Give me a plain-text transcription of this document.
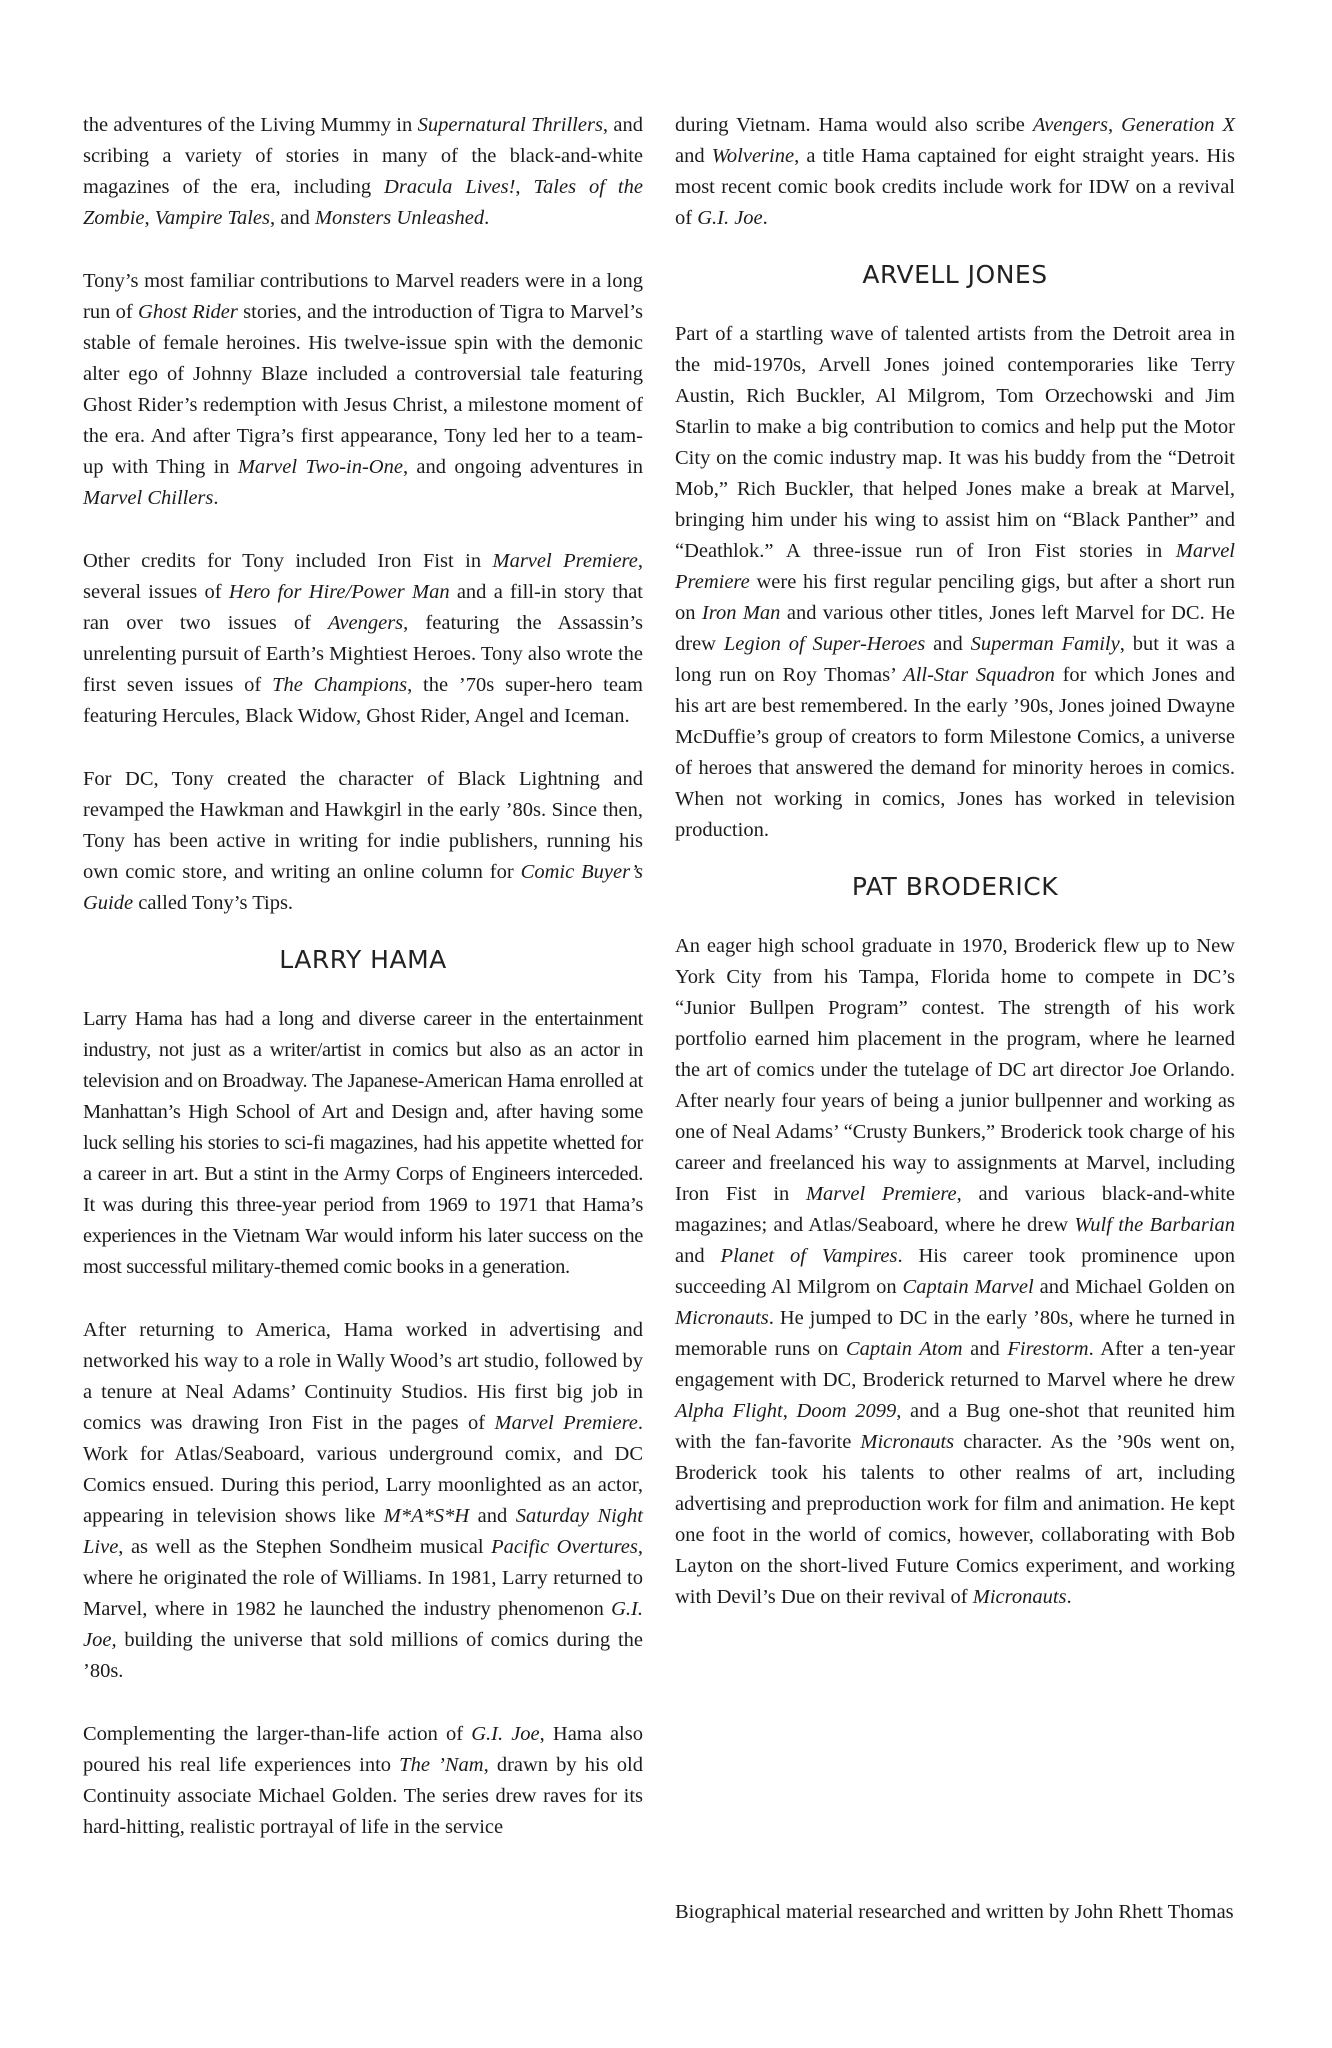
the adventures of the Living Mummy in Supernatural Thrillers, and scribing a variety of stories in many of the black-and-white magazines of the era, including Dracula Lives!, Tales of the Zombie, Vampire Tales, and Monsters Unleashed.

Tony’s most familiar contributions to Marvel readers were in a long run of Ghost Rider stories, and the introduction of Tigra to Marvel’s stable of female heroines. His twelve-issue spin with the demonic alter ego of Johnny Blaze included a controversial tale featuring Ghost Rider’s redemption with Jesus Christ, a milestone moment of the era. And after Tigra’s first appearance, Tony led her to a team-up with Thing in Marvel Two-in-One, and ongoing adventures in Marvel Chillers.

Other credits for Tony included Iron Fist in Marvel Premiere, several issues of Hero for Hire/Power Man and a fill-in story that ran over two issues of Avengers, featuring the Assassin’s unrelenting pursuit of Earth’s Mightiest Heroes. Tony also wrote the first seven issues of The Champions, the ’70s super-hero team featuring Hercules, Black Widow, Ghost Rider, Angel and Iceman.

For DC, Tony created the character of Black Lightning and revamped the Hawkman and Hawkgirl in the early ’80s. Since then, Tony has been active in writing for indie publishers, running his own comic store, and writing an online column for Comic Buyer’s Guide called Tony’s Tips.

LARRY HAMA

Larry Hama has had a long and diverse career in the entertainment industry, not just as a writer/artist in comics but also as an actor in television and on Broadway. The Japanese-American Hama enrolled at Manhattan’s High School of Art and Design and, after having some luck selling his stories to sci-fi magazines, had his appetite whetted for a career in art. But a stint in the Army Corps of Engineers interceded. It was during this three-year period from 1969 to 1971 that Hama’s experiences in the Vietnam War would inform his later success on the most successful military-themed comic books in a generation.

After returning to America, Hama worked in advertising and networked his way to a role in Wally Wood’s art studio, followed by a tenure at Neal Adams’ Continuity Studios. His first big job in comics was drawing Iron Fist in the pages of Marvel Premiere. Work for Atlas/Seaboard, various underground comix, and DC Comics ensued. During this period, Larry moonlighted as an actor, appearing in television shows like M*A*S*H and Saturday Night Live, as well as the Stephen Sondheim musical Pacific Overtures, where he originated the role of Williams. In 1981, Larry returned to Marvel, where in 1982 he launched the industry phenomenon G.I. Joe, building the universe that sold millions of comics during the ’80s.

Complementing the larger-than-life action of G.I. Joe, Hama also poured his real life experiences into The ’Nam, drawn by his old Continuity associate Michael Golden. The series drew raves for its hard-hitting, realistic portrayal of life in the service

during Vietnam. Hama would also scribe Avengers, Generation X and Wolverine, a title Hama captained for eight straight years. His most recent comic book credits include work for IDW on a revival of G.I. Joe.

ARVELL JONES

Part of a startling wave of talented artists from the Detroit area in the mid-1970s, Arvell Jones joined contemporaries like Terry Austin, Rich Buckler, Al Milgrom, Tom Orzechowski and Jim Starlin to make a big contribution to comics and help put the Motor City on the comic industry map. It was his buddy from the “Detroit Mob,” Rich Buckler, that helped Jones make a break at Marvel, bringing him under his wing to assist him on “Black Panther” and “Deathlok.” A three-issue run of Iron Fist stories in Marvel Premiere were his first regular penciling gigs, but after a short run on Iron Man and various other titles, Jones left Marvel for DC. He drew Legion of Super-Heroes and Superman Family, but it was a long run on Roy Thomas’ All-Star Squadron for which Jones and his art are best remembered. In the early ’90s, Jones joined Dwayne McDuffie’s group of creators to form Milestone Comics, a universe of heroes that answered the demand for minority heroes in comics. When not working in comics, Jones has worked in television production.

PAT BRODERICK

An eager high school graduate in 1970, Broderick flew up to New York City from his Tampa, Florida home to compete in DC’s “Junior Bullpen Program” contest. The strength of his work portfolio earned him placement in the program, where he learned the art of comics under the tutelage of DC art director Joe Orlando. After nearly four years of being a junior bullpenner and working as one of Neal Adams’ “Crusty Bunkers,” Broderick took charge of his career and freelanced his way to assignments at Marvel, including Iron Fist in Marvel Premiere, and various black-and-white magazines; and Atlas/Seaboard, where he drew Wulf the Barbarian and Planet of Vampires. His career took prominence upon succeeding Al Milgrom on Captain Marvel and Michael Golden on Micronauts. He jumped to DC in the early ’80s, where he turned in memorable runs on Captain Atom and Firestorm. After a ten-year engagement with DC, Broderick returned to Marvel where he drew Alpha Flight, Doom 2099, and a Bug one-shot that reunited him with the fan-favorite Micronauts character. As the ’90s went on, Broderick took his talents to other realms of art, including advertising and preproduction work for film and animation. He kept one foot in the world of comics, however, collaborating with Bob Layton on the short-lived Future Comics experiment, and working with Devil’s Due on their revival of Micronauts.

Biographical material researched and written by John Rhett Thomas
